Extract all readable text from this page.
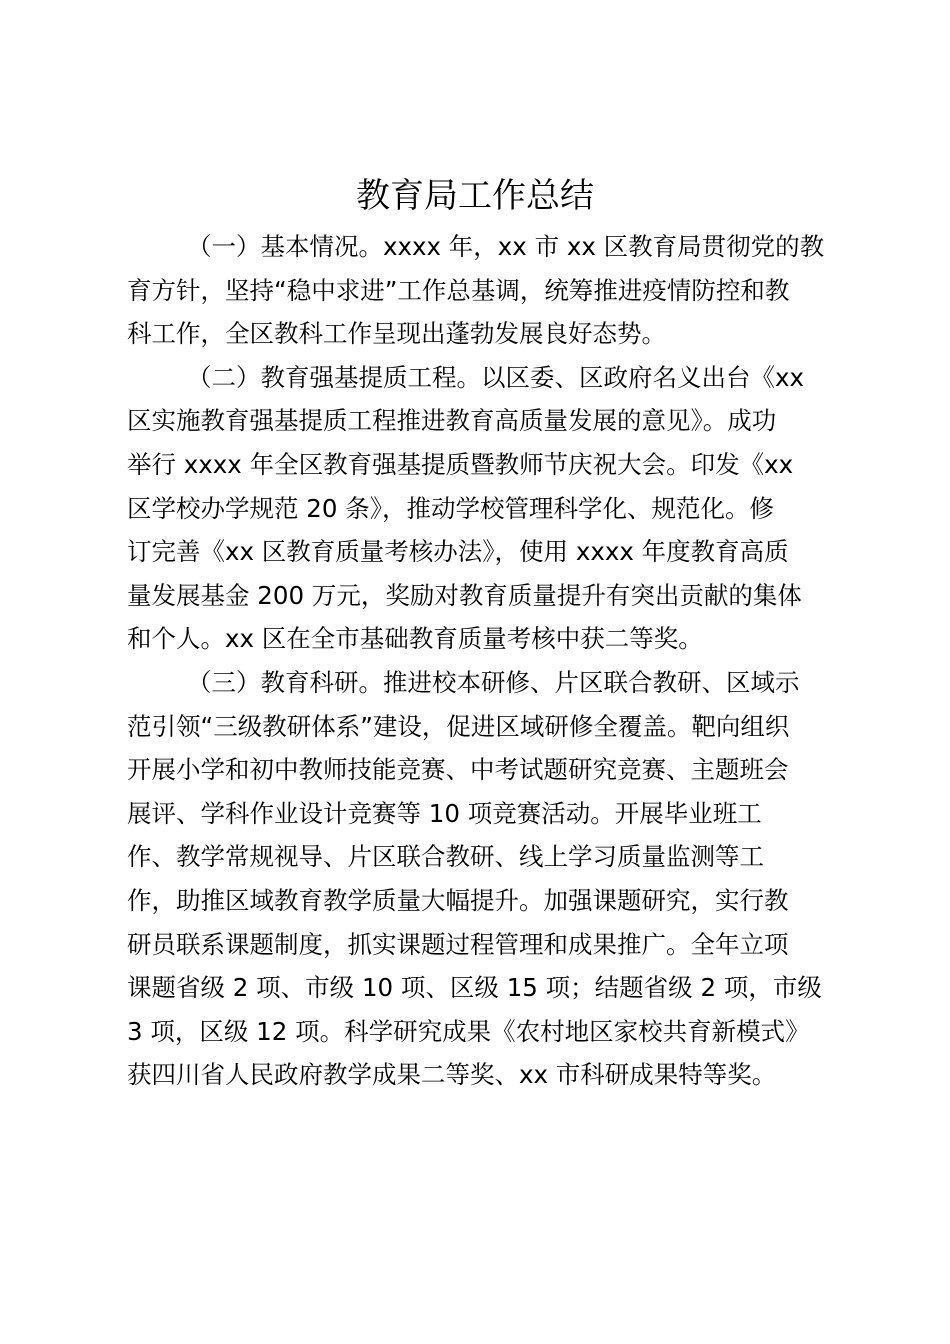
教育局工作总结
（一）基本情况。xxxx 年，xx 市 xx 区教育局贯彻党的教
育方针，坚持“稳中求进”工作总基调，统筹推进疫情防控和教
科工作，全区教科工作呈现出蓬勃发展良好态势。
（二）教育强基提质工程。以区委、区政府名义出台《xx
区实施教育强基提质工程推进教育高质量发展的意见》。成功
举行 xxxx 年全区教育强基提质暨教师节庆祝大会。印发《xx
区学校办学规范 20 条》，推动学校管理科学化、规范化。修
订完善《xx 区教育质量考核办法》，使用 xxxx 年度教育高质
量发展基金 200 万元，奖励对教育质量提升有突出贡献的集体
和个人。xx 区在全市基础教育质量考核中获二等奖。
（三）教育科研。推进校本研修、片区联合教研、区域示
范引领“三级教研体系”建设，促进区域研修全覆盖。靶向组织
开展小学和初中教师技能竞赛、中考试题研究竞赛、主题班会
展评、学科作业设计竞赛等 10 项竞赛活动。开展毕业班工
作、教学常规视导、片区联合教研、线上学习质量监测等工
作，助推区域教育教学质量大幅提升。加强课题研究，实行教
研员联系课题制度，抓实课题过程管理和成果推广。全年立项
课题省级 2 项、市级 10 项、区级 15 项；结题省级 2 项，市级
3 项，区级 12 项。科学研究成果《农村地区家校共育新模式》
获四川省人民政府教学成果二等奖、xx 市科研成果特等奖。
